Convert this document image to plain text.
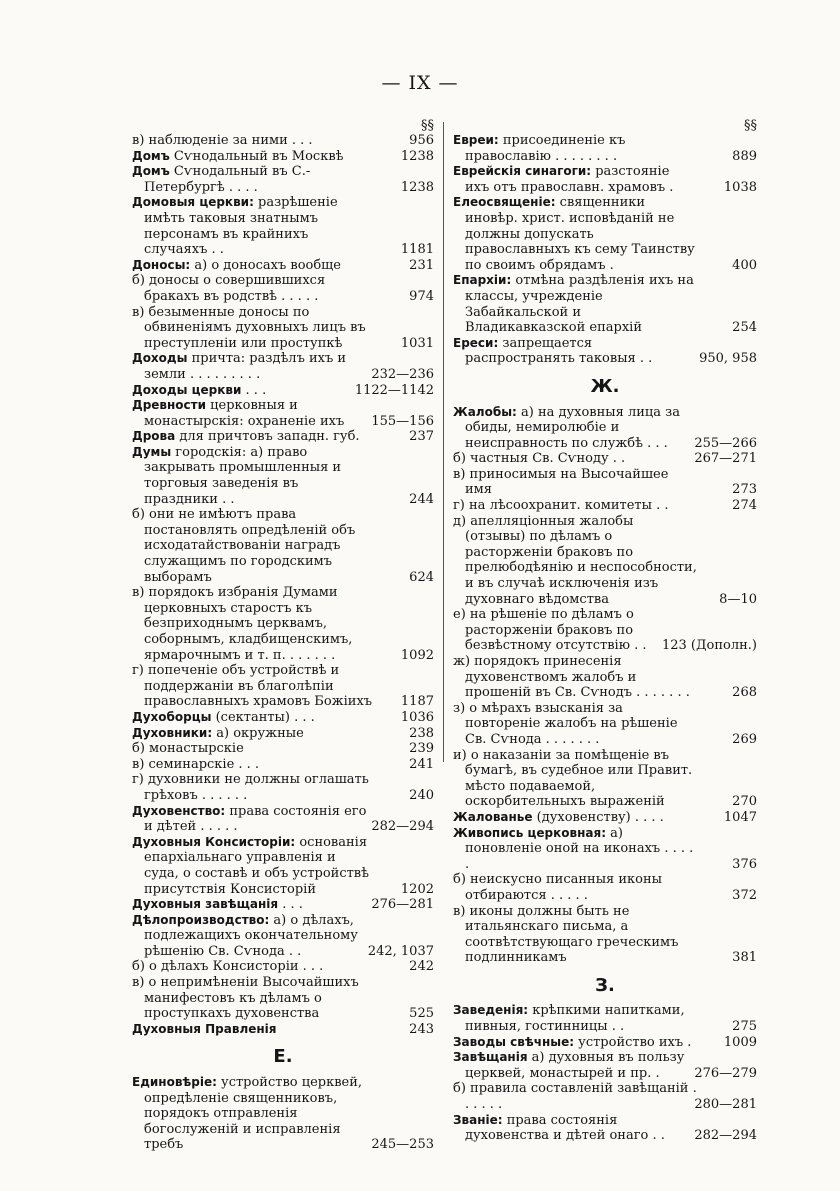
— IX —
§§
в) наблюденіе за ними . . .	956
Домъ Сѵнодальный въ Москвѣ	1238
Домъ Сѵнодальный въ С.-Петербургѣ . . . .	1238
Домовыя церкви: разрѣшеніе имѣть таковыя знатнымъ персонамъ въ крайнихъ случаяхъ . .	1181
Доносы: а) о доносахъ вообще	231
б) доносы о совершившихся бракахъ въ родствѣ . . . . .	974
в) безыменные доносы по обвиненіямъ духовныхъ лицъ въ преступленіи или проступкѣ	1031
Доходы причта: раздѣлъ ихъ и земли . . . . . . . . .	232—236
Доходы церкви . . .	1122—1142
Древности церковныя и монастырскія: охраненіе ихъ 155—156
Дрова для причтовъ западн. губ.	237
Думы городскія: а) право закрывать промышленныя и торговыя заведенія въ праздники . .	244
б) они не имѣютъ права постановлять опредѣленій объ исходатайствованіи наградъ служащимъ по городскимъ выборамъ	624
в) порядокъ избранія Думами церковныхъ старостъ къ безприходнымъ церквамъ, соборнымъ, кладбищенскимъ, ярмарочнымъ и т. п. . . . . . .	1092
г) попеченіе объ устройствѣ и поддержаніи въ благолѣпіи православныхъ храмовъ Божіихъ 1187
Духоборцы (сектанты) . . .	1036
Духовники: а) окружные	238
б) монастырскіе	239
в) семинарскіе . . .	241
г) духовники не должны оглашать грѣховъ . . . . . .	240
Духовенство: права состоянія его и дѣтей . . . . .	282—294
Духовныя Консисторіи: основанія епархіальнаго управленія и суда, о составѣ и объ устройствѣ присутствія Консисторій	1202
Духовныя завѣщанія . . .	276—281
Дѣлопроизводство: а) о дѣлахъ, подлежащихъ окончательному рѣшенію Св. Сѵнода . .	242, 1037
б) о дѣлахъ Консисторіи . . .	242
в) о непримѣненіи Высочайшихъ манифестовъ къ дѣламъ о проступкахъ духовенства	525
Духовныя Правленія	243
Е.
Единовѣріе: устройство церквей, опредѣленіе священниковъ, порядокъ отправленія богослуженій и исправленія требъ	245—253
§§
Евреи: присоединеніе къ православію . . . . . . . .	889
Еврейскія синагоги: разстояніе ихъ отъ православн. храмовъ .	1038
Елеосвященіе: священники иновѣр. христ. исповѣданій не должны допускать православныхъ къ сему Таинству по своимъ обрядамъ .	400
Епархіи: отмѣна раздѣленія ихъ на классы, учрежденіе Забайкальской и Владикавказской епархій	254
Ереси: запрещается распространять таковыя . .	950, 958
Ж.
Жалобы: а) на духовныя лица за обиды, немиролюбіе и неисправность по службѣ . . . 255—266
б) частныя Св. Сѵноду . .	267—271
в) приносимыя на Высочайшее имя	273
г) на лѣсоохранит. комитеты . .	274
д) апелляціонныя жалобы (отзывы) по дѣламъ о расторженіи браковъ по прелюбодѣянію и неспособности, и въ случаѣ исключенія изъ духовнаго вѣдомства	8—10
е) на рѣшеніе по дѣламъ о расторженіи браковъ по безвѣстному отсутствію . . 123 (Дополн.)
ж) порядокъ принесенія духовенствомъ жалобъ и прошеній въ Св. Сѵнодъ . . . . . . .	268
з) о мѣрахъ взысканія за повтореніе жалобъ на рѣшеніе Св. Сѵнода . . . . . . .	269
и) о наказаніи за помѣщеніе въ бумагѣ, въ судебное или Правит. мѣсто подаваемой, оскорбительныхъ выраженій	270
Жалованье (духовенству) . . . .	1047
Живопись церковная: а) поновленіе оной на иконахъ . . . . .	376
б) неискусно писанныя иконы отбираются . . . . .	372
в) иконы должны быть не итальянскаго письма, а соотвѣтствующаго греческимъ подлинникамъ	381
З.
Заведенія: крѣпкими напитками, пивныя, гостинницы . .	275
Заводы свѣчные: устройство ихъ .	1009
Завѣщанія а) духовныя въ пользу церквей, монастырей и пр. .	276—279
б) правила составленій завѣщаній . . . . . .	280—281
Званіе: права состоянія духовенства и дѣтей онаго . . 282—294
